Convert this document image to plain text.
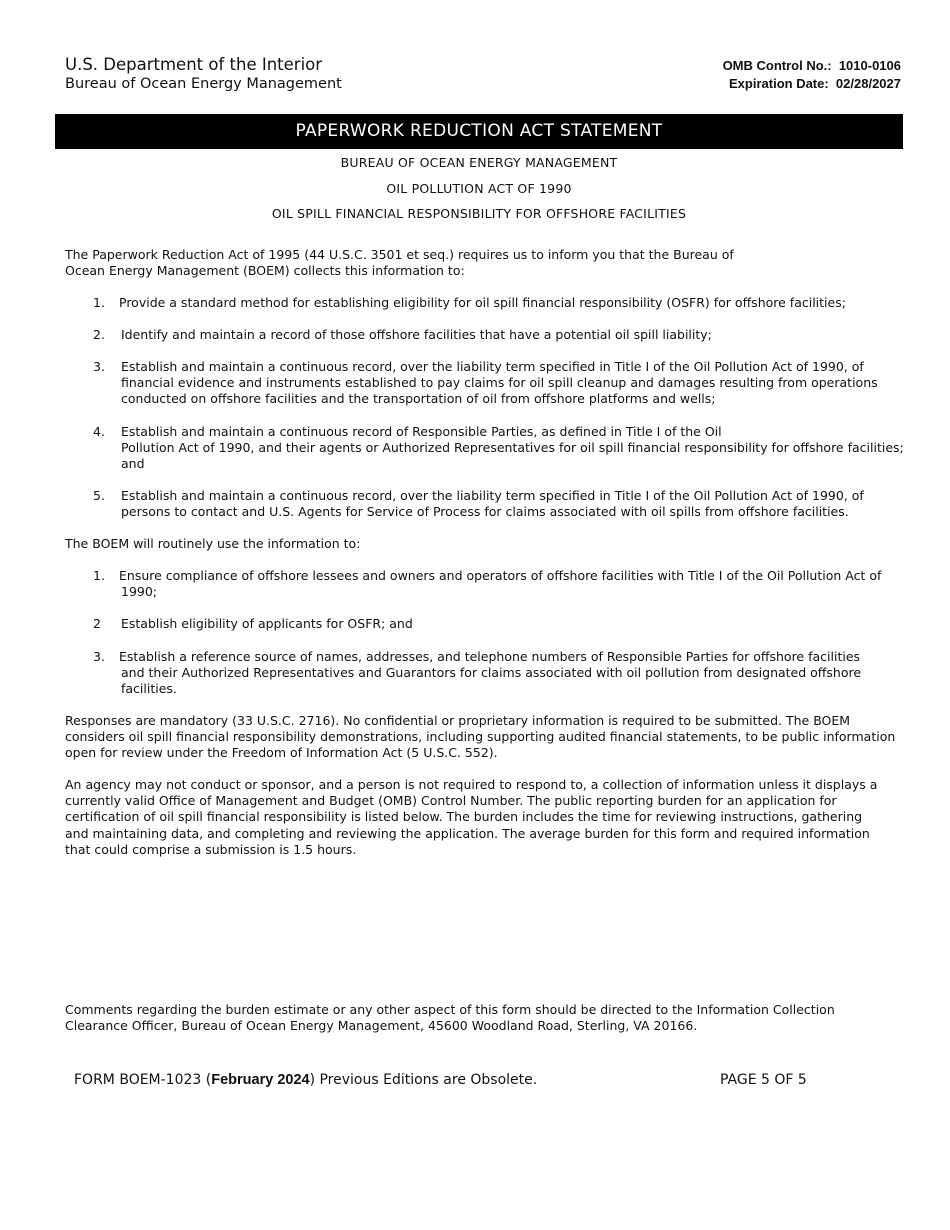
U.S. Department of the Interior
Bureau of Ocean Energy Management
OMB Control No.:  1010-0106
Expiration Date:  02/28/2027
PAPERWORK REDUCTION ACT STATEMENT
BUREAU OF OCEAN ENERGY MANAGEMENT
OIL POLLUTION ACT OF 1990
OIL SPILL FINANCIAL RESPONSIBILITY FOR OFFSHORE FACILITIES
The Paperwork Reduction Act of 1995 (44 U.S.C. 3501 et seq.) requires us to inform you that the Bureau of
Ocean Energy Management (BOEM) collects this information to:
1. Provide a standard method for establishing eligibility for oil spill financial responsibility (OSFR) for offshore facilities;
2. Identify and maintain a record of those offshore facilities that have a potential oil spill liability;
3. Establish and maintain a continuous record, over the liability term specified in Title I of the Oil Pollution Act of 1990, of
financial evidence and instruments established to pay claims for oil spill cleanup and damages resulting from operations
conducted on offshore facilities and the transportation of oil from offshore platforms and wells;
4. Establish and maintain a continuous record of Responsible Parties, as defined in Title I of the Oil
Pollution Act of 1990, and their agents or Authorized Representatives for oil spill financial responsibility for offshore facilities;
and
5. Establish and maintain a continuous record, over the liability term specified in Title I of the Oil Pollution Act of 1990, of
persons to contact and U.S. Agents for Service of Process for claims associated with oil spills from offshore facilities.
The BOEM will routinely use the information to:
1. Ensure compliance of offshore lessees and owners and operators of offshore facilities with Title I of the Oil Pollution Act of
1990;
2 Establish eligibility of applicants for OSFR; and
3. Establish a reference source of names, addresses, and telephone numbers of Responsible Parties for offshore facilities
and their Authorized Representatives and Guarantors for claims associated with oil pollution from designated offshore
facilities.
Responses are mandatory (33 U.S.C. 2716). No confidential or proprietary information is required to be submitted. The BOEM
considers oil spill financial responsibility demonstrations, including supporting audited financial statements, to be public information
open for review under the Freedom of Information Act (5 U.S.C. 552).
An agency may not conduct or sponsor, and a person is not required to respond to, a collection of information unless it displays a
currently valid Office of Management and Budget (OMB) Control Number. The public reporting burden for an application for
certification of oil spill financial responsibility is listed below. The burden includes the time for reviewing instructions, gathering
and maintaining data, and completing and reviewing the application. The average burden for this form and required information
that could comprise a submission is 1.5 hours.
Comments regarding the burden estimate or any other aspect of this form should be directed to the Information Collection
Clearance Officer, Bureau of Ocean Energy Management, 45600 Woodland Road, Sterling, VA 20166.
FORM BOEM-1023 (February 2024) Previous Editions are Obsolete.	PAGE 5 OF 5
